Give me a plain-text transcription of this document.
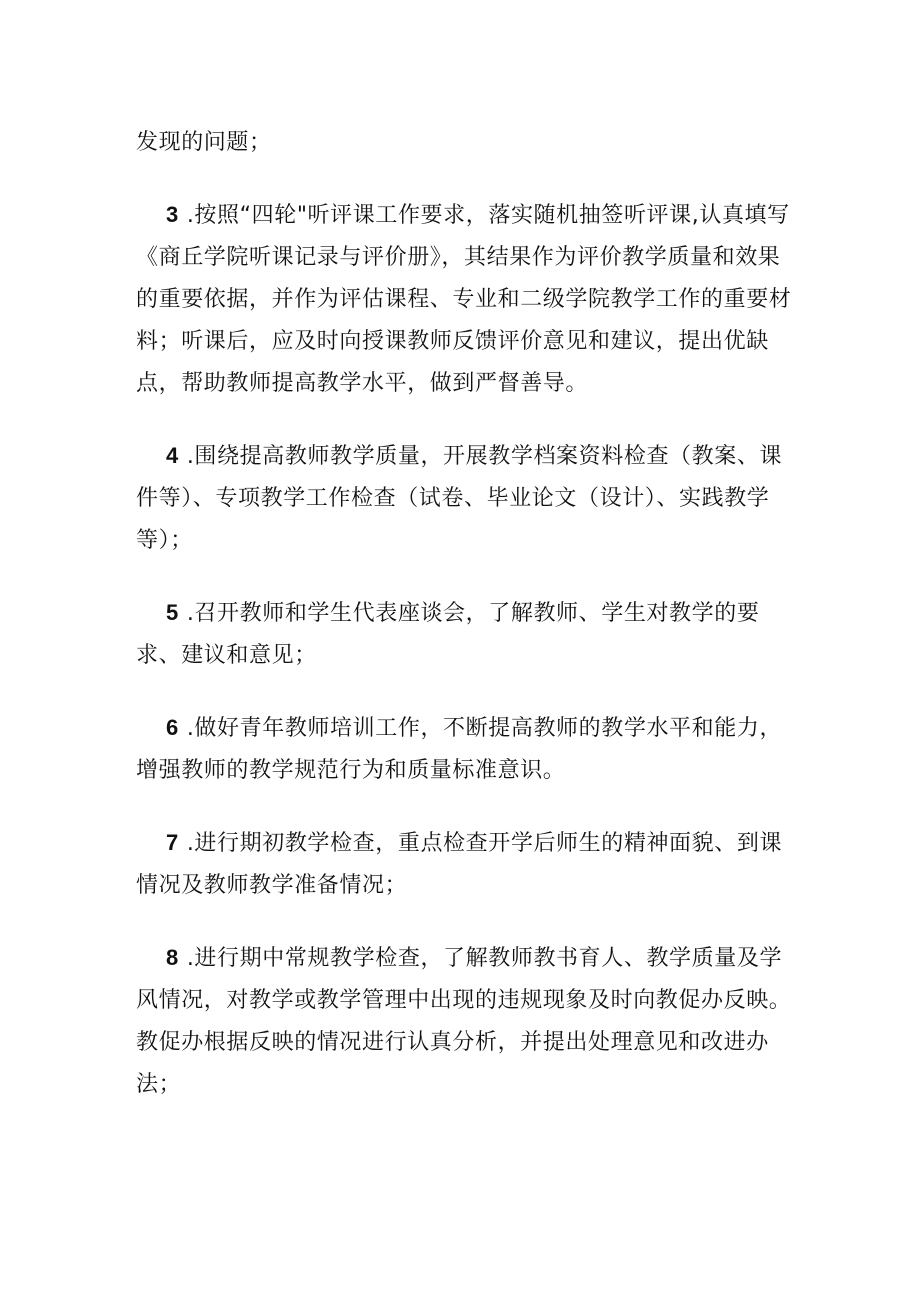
发现的问题；

3 .按照“四轮"听评课工作要求，落实随机抽签听评课,认真填写《商丘学院听课记录与评价册》，其结果作为评价教学质量和效果的重要依据，并作为评估课程、专业和二级学院教学工作的重要材料；听课后，应及时向授课教师反馈评价意见和建议，提出优缺点，帮助教师提高教学水平，做到严督善导。

4 .围绕提高教师教学质量，开展教学档案资料检查（教案、课件等）、专项教学工作检查（试卷、毕业论文（设计）、实践教学等）；

5 .召开教师和学生代表座谈会，了解教师、学生对教学的要求、建议和意见；

6 .做好青年教师培训工作，不断提高教师的教学水平和能力，增强教师的教学规范行为和质量标准意识。

7 .进行期初教学检查，重点检查开学后师生的精神面貌、到课情况及教师教学准备情况；

8 .进行期中常规教学检查，了解教师教书育人、教学质量及学风情况，对教学或教学管理中出现的违规现象及时向教促办反映。教促办根据反映的情况进行认真分析，并提出处理意见和改进办法；
